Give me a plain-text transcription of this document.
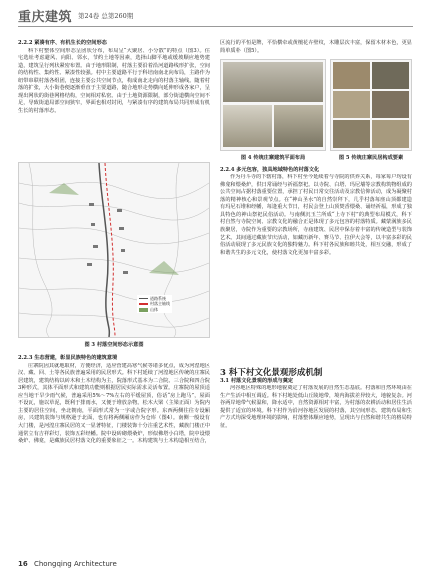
重庆建筑 第24卷 总第260期

2.2.2 紧凑有序、有机生长的空间形态

科下村整体空间形态呈团状分布，布局呈“大聚居、小分散”的特点（图3）。住宅选址考虑避风、向阳、邻水，节约土地等因素，选择山脚平地或缓坡顺应地势建造，建筑呈行列状紧密布置。由于地形限制，村落主要沿着沿河道路线形扩张，空间的结构性、集约性、紧凑性较强。村中主要道路平行于科培南南北向布局，主路作为纽带串联村落各组团，连接主要公共空间节点，构成南北走向的村落主轴线。随着村落的扩张，大小街巷便逐渐垂直于主要道路，随合地形走势横向延伸形成各家户，呈现出网状的街巷网格结构，空间相对私密。由于土地资源限制，部分街道横向空间不足，导致街道局部空间狭窄，界面也相对封闭，与紧凑有序的建筑布局共同形成有机生长的村落形态。

道路系统
村落主轴线
山体

图 3 村落空间形态示意图

2.2.3 生态营建，彰显民族特色的建筑意境

庄寨院因其就地取材，方便经济，适应营建高寒气候等诸多优点，成为河湟地区汉、藏、回、土等各民族普遍采用的民居形式。科下村延续了河湟地区传统的庄寨民居建筑，建筑结构以砖木和土木结构为主，院落形式基本为二合院、三合院和四合院3种形式，其体平面形式和建筑功能则根据居民实际需求灵活布置。庄寨院的屋顶适应当地干旱少雨气候，普遍采用5%～7%左右的平缓屋顶，俗话“房上跑马”，屋面不设瓦，施以草泥，既利于排雨水，又便于堆放杂物。松木大梁（主梁正面）为院内主要的居住空间，坐北朝南，平面形式常为一字或合院字形。东西两侧往往专设厢房，兴建筑装饰与规格逊于北面，也有将两侧厢房作为仓库（图4）。南侧一般设有大门楼，是河湟庄寨民居的又一显著特征，门楼装饰十分注重艺术性，藏族门楼正中通常立有吉祥彩灯，装饰五彩经幡。院中设砖砌煨桑炉，形似佛塔小白塔，院中设煨桑炉、佛龛，是藏族民居村落文化的重要象征之一。木构建筑与土木构造相互结合，

区流行的平恒是牌，平恰横牵或黄檀花卉壁纹，木雕层次丰富，保留木材本色，更显简单质朴（图5）。

图 4 传统庄寨建筑平面布局	图 5 传统庄寨民居构成要素

2.2.4 多元包容，独具地域特色的村落文化

作为丹斗寺的下辖村落，科下村至今延续着与寺院的供养关系，每家每户均设有佛龛和煨桑炉，供日常诵经与祈福祭祀。以寺院、白塔、玛尼墙等宗教构筑物组成的公共空间占据村落重要位置，承担了村民日常交往活动及宗教信仰活动，成为凝聚村落的精神核心和景观节点。在“神山圣水”的自然崇拜下，几乎村落每座山顶都建造有玛尼石堆和经幡，每逢重大节日，村民会登上山顶焚香煨桑、诵经祈福，形成了独具特色的神山祭祀民俗活动。与南侧沉玉兰所成“上寺下村”的典型布局模式，科下村自然与寺院空间、宗教文化的融合正是体现了多元包容的村落特质。藏蒙满族多民族聚居，寺院作为重要的宗教场所，寺庙建筑、民居中保存着丰富的传统造型与装饰艺术。其间通过藏族节庆活动，如藏历新年、赛马节、拉伊大会等，以丰富多彩的民俗活动展现了多元民族文化的独特魅力。科下村各民族和睦共处，相互交融，形成了和谐共生的多元文化，使村落文化更加丰富多彩。

3 科下村文化景观形成机制

3.1 村落文化景观的形成与奠定

河谷地区特殊的地形地貌奠定了村落发展的自然生态基底。村落和自然环境由在生产生活中相互调适。科下村地处低山丘陵地带，境内海拔差异较大，地貌复杂。河谷两岸地带气候温和，降水适中，自然资源相对丰富，为村落的农耕活动和居住生活提供了适宜的环境。科下村作为沿河谷地区发展的村落，其空间形态、建筑布局和生产方式均深受地理环境的影响，村落整体顺应地势，呈现出与自然和谐共生的格局特征。

16 Chongqing Architecture
